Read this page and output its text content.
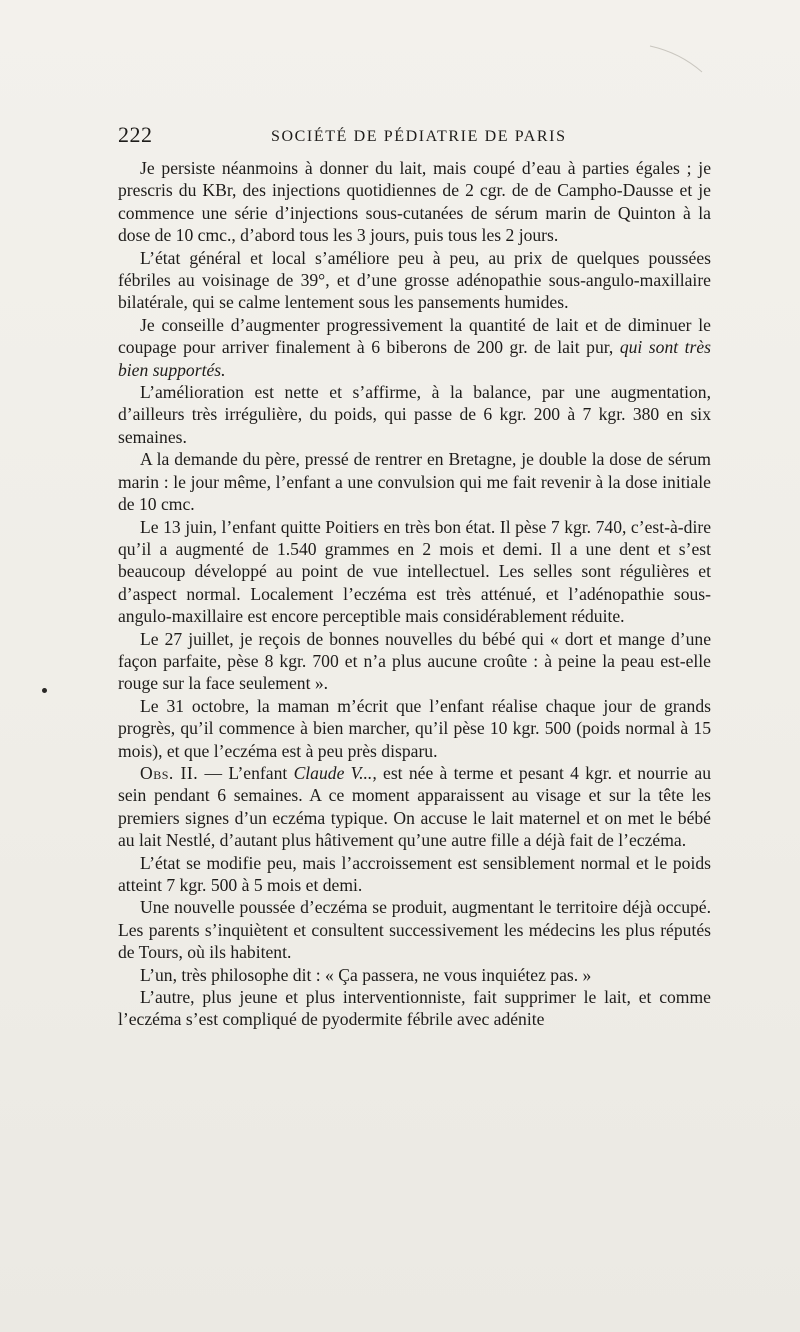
222	SOCIÉTÉ DE PÉDIATRIE DE PARIS

Je persiste néanmoins à donner du lait, mais coupé d’eau à parties égales ; je prescris du KBr, des injections quotidiennes de 2 cgr. de de Campho-Dausse et je commence une série d’injections sous-cutanées de sérum marin de Quinton à la dose de 10 cmc., d’abord tous les 3 jours, puis tous les 2 jours.

L’état général et local s’améliore peu à peu, au prix de quelques poussées fébriles au voisinage de 39°, et d’une grosse adénopathie sous-angulo-maxillaire bilatérale, qui se calme lentement sous les pansements humides.

Je conseille d’augmenter progressivement la quantité de lait et de diminuer le coupage pour arriver finalement à 6 biberons de 200 gr. de lait pur, qui sont très bien supportés.

L’amélioration est nette et s’affirme, à la balance, par une augmentation, d’ailleurs très irrégulière, du poids, qui passe de 6 kgr. 200 à 7 kgr. 380 en six semaines.

A la demande du père, pressé de rentrer en Bretagne, je double la dose de sérum marin : le jour même, l’enfant a une convulsion qui me fait revenir à la dose initiale de 10 cmc.

Le 13 juin, l’enfant quitte Poitiers en très bon état. Il pèse 7 kgr. 740, c’est-à-dire qu’il a augmenté de 1.540 grammes en 2 mois et demi. Il a une dent et s’est beaucoup développé au point de vue intellectuel. Les selles sont régulières et d’aspect normal. Localement l’eczéma est très atténué, et l’adénopathie sous-angulo-maxillaire est encore perceptible mais considérablement réduite.

Le 27 juillet, je reçois de bonnes nouvelles du bébé qui « dort et mange d’une façon parfaite, pèse 8 kgr. 700 et n’a plus aucune croûte : à peine la peau est-elle rouge sur la face seulement ».

Le 31 octobre, la maman m’écrit que l’enfant réalise chaque jour de grands progrès, qu’il commence à bien marcher, qu’il pèse 10 kgr. 500 (poids normal à 15 mois), et que l’eczéma est à peu près disparu.

Obs. II. — L’enfant Claude V..., est née à terme et pesant 4 kgr. et nourrie au sein pendant 6 semaines. A ce moment apparaissent au visage et sur la tête les premiers signes d’un eczéma typique. On accuse le lait maternel et on met le bébé au lait Nestlé, d’autant plus hâtivement qu’une autre fille a déjà fait de l’eczéma.

L’état se modifie peu, mais l’accroissement est sensiblement normal et le poids atteint 7 kgr. 500 à 5 mois et demi.

Une nouvelle poussée d’eczéma se produit, augmentant le territoire déjà occupé. Les parents s’inquiètent et consultent successivement les médecins les plus réputés de Tours, où ils habitent.

L’un, très philosophe dit : « Ça passera, ne vous inquiétez pas. »

L’autre, plus jeune et plus interventionniste, fait supprimer le lait, et comme l’eczéma s’est compliqué de pyodermite fébrile avec adénite
